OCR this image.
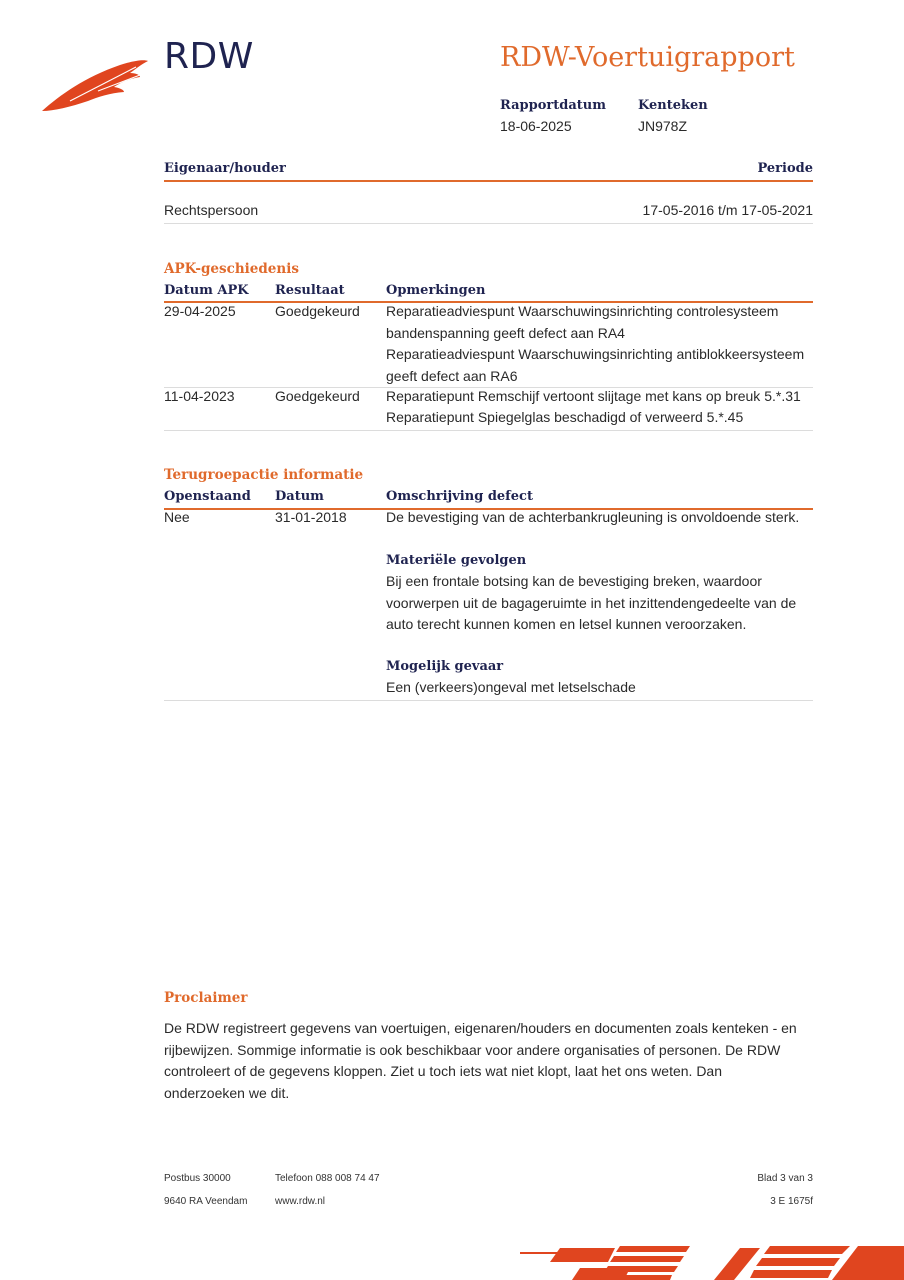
RDW	RDW-Voertuigrapport
Rapportdatum
18-06-2025
Kenteken
JN978Z
Eigenaar/houder	Periode
Rechtspersoon	17-05-2016 t/m 17-05-2021
APK-geschiedenis
Datum APK Resultaat	Opmerkingen
29-04-2025	Goedgekeurd Reparatieadviespunt Waarschuwingsinrichting controlesysteem bandenspanning geeft defect aan RA4
Reparatieadviespunt Waarschuwingsinrichting antiblokkeersysteem geeft defect aan RA6
11-04-2023	Goedgekeurd Reparatiepunt Remschijf vertoont slijtage met kans op breuk 5.*.31
Reparatiepunt Spiegelglas beschadigd of verweerd 5.*.45
Terugroepactie informatie
Openstaand Datum	Omschrijving defect
Nee	31-01-2018	De bevestiging van de achterbankrugleuning is onvoldoende sterk.
Materiële gevolgen
Bij een frontale botsing kan de bevestiging breken, waardoor voorwerpen uit de bagageruimte in het inzittendengedeelte van de auto terecht kunnen komen en letsel kunnen veroorzaken.
Mogelijk gevaar
Een (verkeers)ongeval met letselschade
Proclaimer
De RDW registreert gegevens van voertuigen, eigenaren/houders en documenten zoals kenteken - en rijbewijzen. Sommige informatie is ook beschikbaar voor andere organisaties of personen. De RDW controleert of de gegevens kloppen. Ziet u toch iets wat niet klopt, laat het ons weten. Dan onderzoeken we dit.
Postbus 30000
9640 RA Veendam
Telefoon 088 008 74 47
www.rdw.nl
Blad 3 van 3
3 E 1675f
